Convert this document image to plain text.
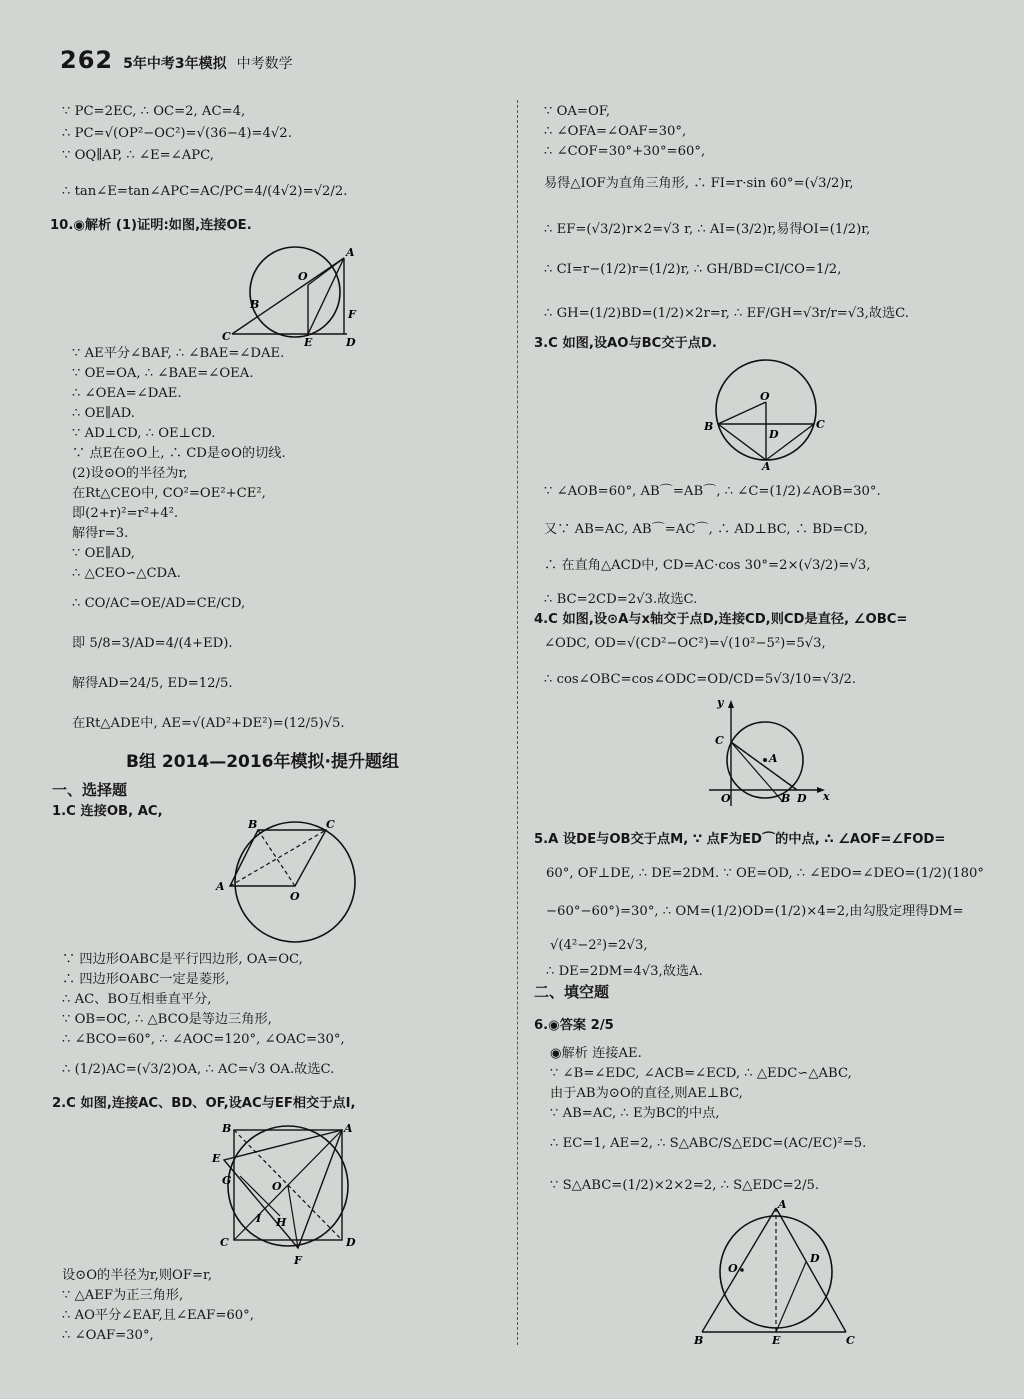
262 5年中考3年模拟 中考数学
∵ PC=2EC, ∴ OC=2, AC=4,
∴ PC=√(OP²−OC²)=√(36−4)=4√2.
∵ OQ∥AP, ∴ ∠E=∠APC,
∴ tan∠E=tan∠APC=AC/PC=4/(4√2)=√2/2.
10.◉解析 (1)证明:如图,连接OE.
A
B
C	D
E
F
O
∵ AE平分∠BAF, ∴ ∠BAE=∠DAE.
∵ OE=OA, ∴ ∠BAE=∠OEA.
∴ ∠OEA=∠DAE.
∴ OE∥AD.
∵ AD⊥CD, ∴ OE⊥CD.
∵ 点E在⊙O上, ∴ CD是⊙O的切线.
(2)设⊙O的半径为r,
在Rt△CEO中, CO²=OE²+CE²,
即(2+r)²=r²+4².
解得r=3.
∵ OE∥AD,
∴ △CEO∽△CDA.
∴ CO/AC=OE/AD=CE/CD,
即 5/8=3/AD=4/(4+ED).
解得AD=24/5, ED=12/5.
在Rt△ADE中, AE=√(AD²+DE²)=(12/5)√5.
B组 2014—2016年模拟·提升题组
一、选择题
1.C 连接OB, AC,
A
B	C
O
∵ 四边形OABC是平行四边形, OA=OC,
∴ 四边形OABC一定是菱形,
∴ AC、BO互相垂直平分,
∵ OB=OC, ∴ △BCO是等边三角形,
∴ ∠BCO=60°, ∴ ∠AOC=120°, ∠OAC=30°,
∴ (1/2)AC=(√3/2)OA, ∴ AC=√3 OA.故选C.
2.C 如图,连接AC、BD、OF,设AC与EF相交于点I,
B	A
E
G	O
I H
C	D
F
设⊙O的半径为r,则OF=r,
∵ △AEF为正三角形,
∴ AO平分∠EAF,且∠EAF=60°,
∴ ∠OAF=30°,
∵ OA=OF,
∴ ∠OFA=∠OAF=30°,
∴ ∠COF=30°+30°=60°,
易得△IOF为直角三角形, ∴ FI=r·sin 60°=(√3/2)r,
∴ EF=(√3/2)r×2=√3 r, ∴ AI=(3/2)r,易得OI=(1/2)r,
∴ CI=r−(1/2)r=(1/2)r, ∴ GH/BD=CI/CO=1/2,
∴ GH=(1/2)BD=(1/2)×2r=r, ∴ EF/GH=√3r/r=√3,故选C.
3.C 如图,设AO与BC交于点D.
O
B	C
D
A
∵ ∠AOB=60°, AB⌒=AB⌒, ∴ ∠C=(1/2)∠AOB=30°.
又∵ AB=AC, AB⌒=AC⌒, ∴ AD⊥BC, ∴ BD=CD,
∴ 在直角△ACD中, CD=AC·cos 30°=2×(√3/2)=√3,
∴ BC=2CD=2√3.故选C.
4.C 如图,设⊙A与x轴交于点D,连接CD,则CD是直径, ∠OBC=
∠ODC, OD=√(CD²−OC²)=√(10²−5²)=5√3,
∴ cos∠OBC=cos∠ODC=OD/CD=5√3/10=√3/2.
y
x
C
O
A
B D
5.A 设DE与OB交于点M, ∵ 点F为ED⌒的中点, ∴ ∠AOF=∠FOD=
60°, OF⊥DE, ∴ DE=2DM. ∵ OE=OD, ∴ ∠EDO=∠DEO=(1/2)(180°
−60°−60°)=30°, ∴ OM=(1/2)OD=(1/2)×4=2,由勾股定理得DM=
√(4²−2²)=2√3,
∴ DE=2DM=4√3,故选A.
二、填空题
6.◉答案 2/5
◉解析 连接AE.
∵ ∠B=∠EDC, ∠ACB=∠ECD, ∴ △EDC∽△ABC,
由于AB为⊙O的直径,则AE⊥BC,
∵ AB=AC, ∴ E为BC的中点,
∴ EC=1, AE=2, ∴ S△ABC/S△EDC=(AC/EC)²=5.
∵ S△ABC=(1/2)×2×2=2, ∴ S△EDC=2/5.
A
D
O
B	E	C
